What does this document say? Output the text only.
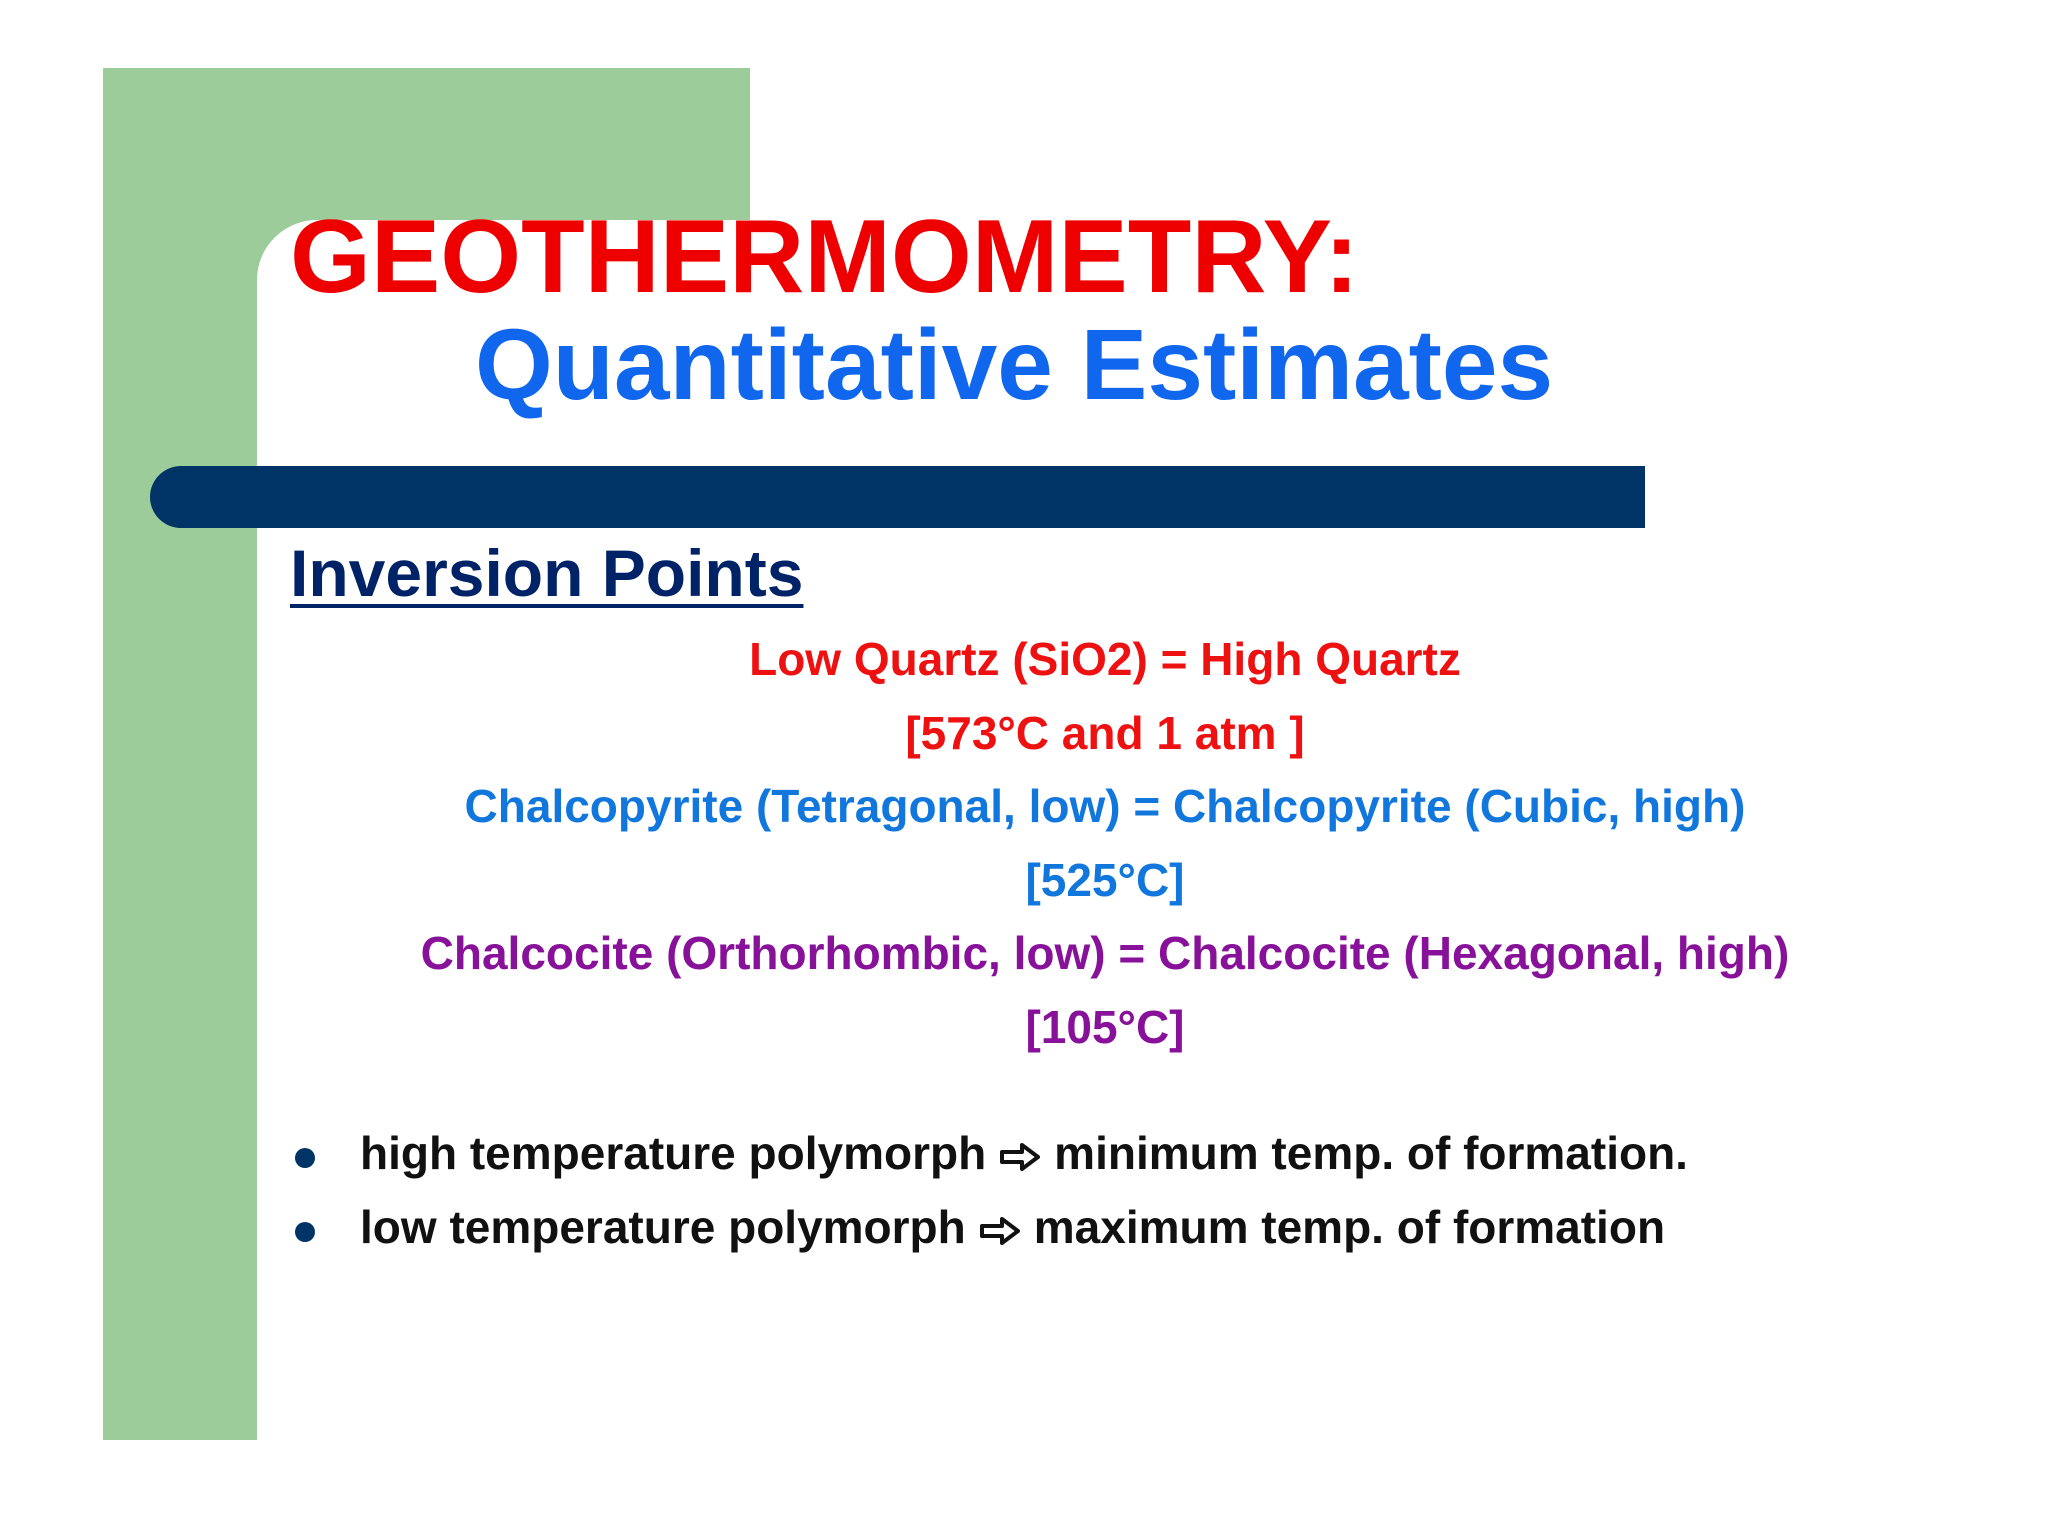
GEOTHERMOMETRY:
Quantitative Estimates
Inversion Points
Low Quartz (SiO2) = High Quartz
[573°C and 1 atm ]
Chalcopyrite (Tetragonal, low) = Chalcopyrite (Cubic, high)
[525°C]
Chalcocite (Orthorhombic, low) = Chalcocite (Hexagonal, high)
[105°C]
high temperature polymorph minimum temp. of formation.
low temperature polymorph maximum temp. of formation
